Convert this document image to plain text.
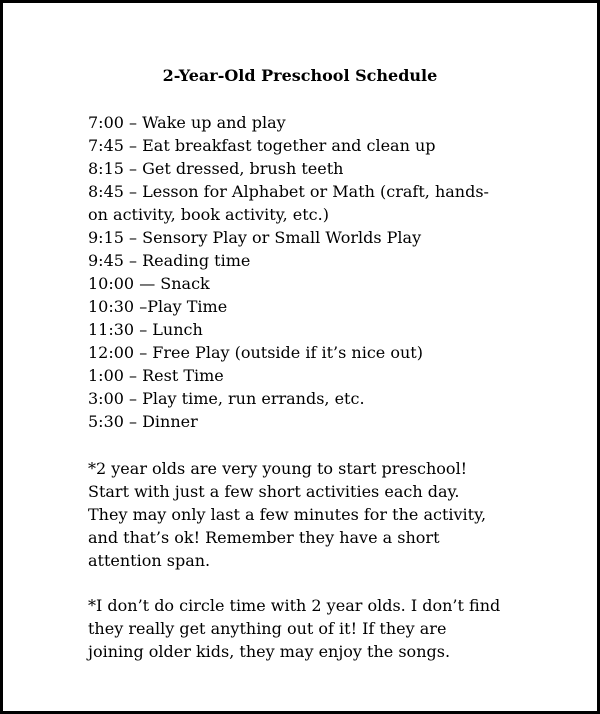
2-Year-Old Preschool Schedule
7:00 – Wake up and play
7:45 – Eat breakfast together and clean up
8:15 – Get dressed, brush teeth
8:45 – Lesson for Alphabet or Math (craft, hands-
on activity, book activity, etc.)
9:15 – Sensory Play or Small Worlds Play
9:45 – Reading time
10:00 — Snack
10:30 –Play Time
11:30 – Lunch
12:00 – Free Play (outside if it’s nice out)
1:00 – Rest Time
3:00 – Play time, run errands, etc.
5:30 – Dinner

*2 year olds are very young to start preschool!
Start with just a few short activities each day.
They may only last a few minutes for the activity,
and that’s ok! Remember they have a short
attention span.

*I don’t do circle time with 2 year olds. I don’t find
they really get anything out of it! If they are
joining older kids, they may enjoy the songs.
